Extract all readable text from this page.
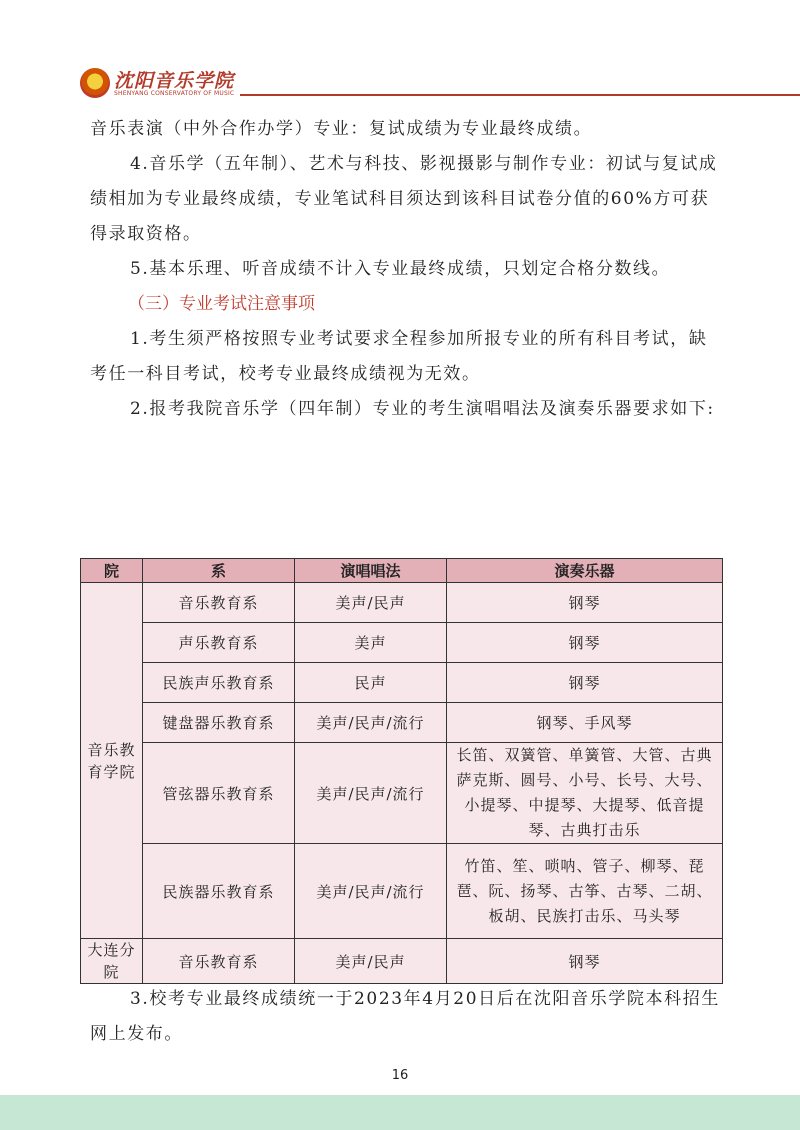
沈阳音乐学院
SHENYANG CONSERVATORY OF MUSIC

音乐表演（中外合作办学）专业：复试成绩为专业最终成绩。

4.音乐学（五年制）、艺术与科技、影视摄影与制作专业：初试与复试成绩相加为专业最终成绩，专业笔试科目须达到该科目试卷分值的60%方可获得录取资格。

5.基本乐理、听音成绩不计入专业最终成绩，只划定合格分数线。

（三）专业考试注意事项

1.考生须严格按照专业考试要求全程参加所报专业的所有科目考试，缺考任一科目考试，校考专业最终成绩视为无效。

2.报考我院音乐学（四年制）专业的考生演唱唱法及演奏乐器要求如下:

院	系	演唱唱法	演奏乐器
音乐教育学院	音乐教育系	美声/民声	钢琴
	声乐教育系	美声	钢琴
	民族声乐教育系	民声	钢琴
	键盘器乐教育系	美声/民声/流行	钢琴、手风琴
	管弦器乐教育系	美声/民声/流行	长笛、双簧管、单簧管、大管、古典萨克斯、圆号、小号、长号、大号、小提琴、中提琴、大提琴、低音提琴、古典打击乐
	民族器乐教育系	美声/民声/流行	竹笛、笙、唢呐、管子、柳琴、琵琶、阮、扬琴、古筝、古琴、二胡、板胡、民族打击乐、马头琴
大连分院	音乐教育系	美声/民声	钢琴

3.校考专业最终成绩统一于2023年4月20日后在沈阳音乐学院本科招生网上发布。

16
